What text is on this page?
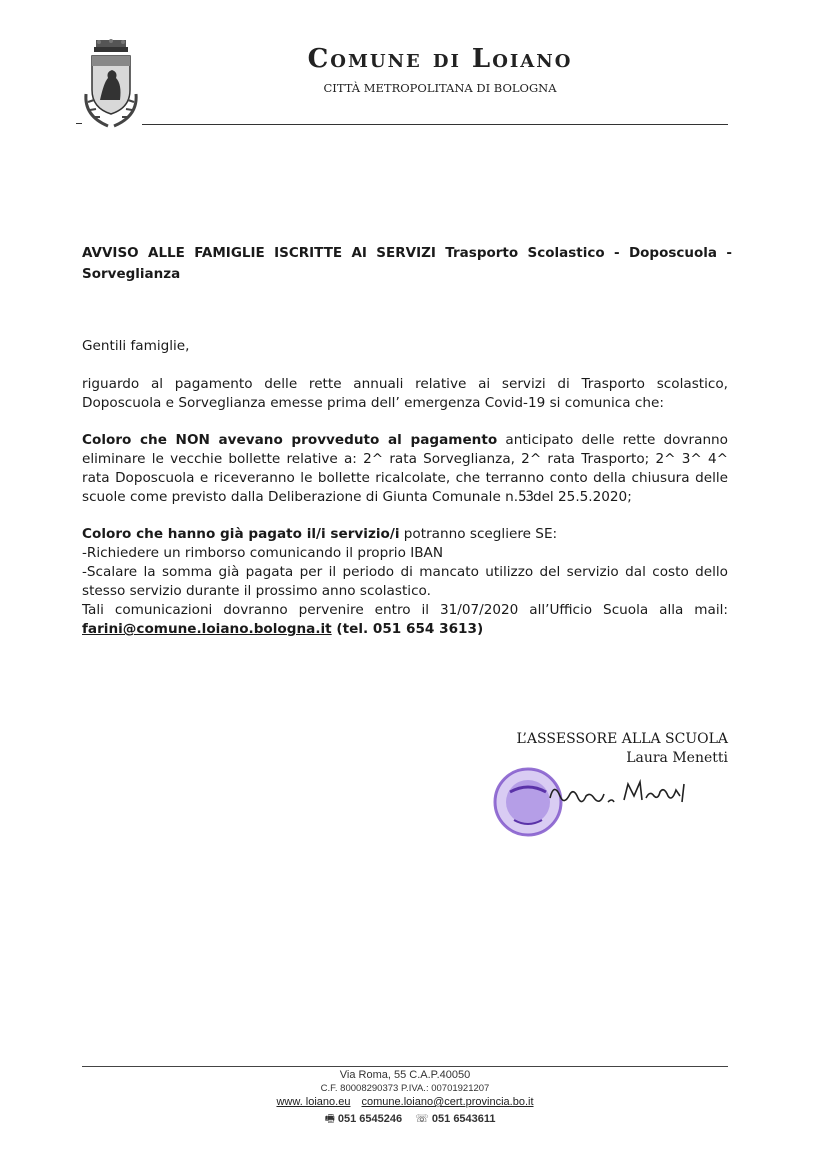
Comune di Loiano
CITTÀ METROPOLITANA DI BOLOGNA
AVVISO ALLE FAMIGLIE ISCRITTE AI SERVIZI Trasporto Scolastico - Doposcuola - Sorveglianza
Gentili famiglie,
riguardo al pagamento delle rette annuali relative ai servizi di Trasporto scolastico, Doposcuola e Sorveglianza emesse prima dell’ emergenza Covid-19 si comunica che:
Coloro che NON avevano provveduto al pagamento anticipato delle rette dovranno eliminare le vecchie bollette relative a: 2^ rata Sorveglianza, 2^ rata Trasporto; 2^ 3^ 4^ rata Doposcuola e riceveranno le bollette ricalcolate, che terranno conto della chiusura delle scuole come previsto dalla Deliberazione di Giunta Comunale n.53del 25.5.2020;
Coloro che hanno già pagato il/i servizio/i potranno scegliere SE:
-Richiedere un rimborso comunicando il proprio IBAN
-Scalare la somma già pagata per il periodo di mancato utilizzo del servizio dal costo dello stesso servizio durante il prossimo anno scolastico.
Tali comunicazioni dovranno pervenire entro il 31/07/2020 all’Ufficio Scuola alla mail: farini@comune.loiano.bologna.it (tel. 051 654 3613)
L’ASSESSORE ALLA SCUOLA
Laura Menetti
Via Roma, 55 C.A.P.40050
C.F. 80008290373 P.IVA.: 00701921207
www. loiano.eu comune.loiano@cert.provincia.bo.it
🖷 051 6545246 ☏ 051 6543611
